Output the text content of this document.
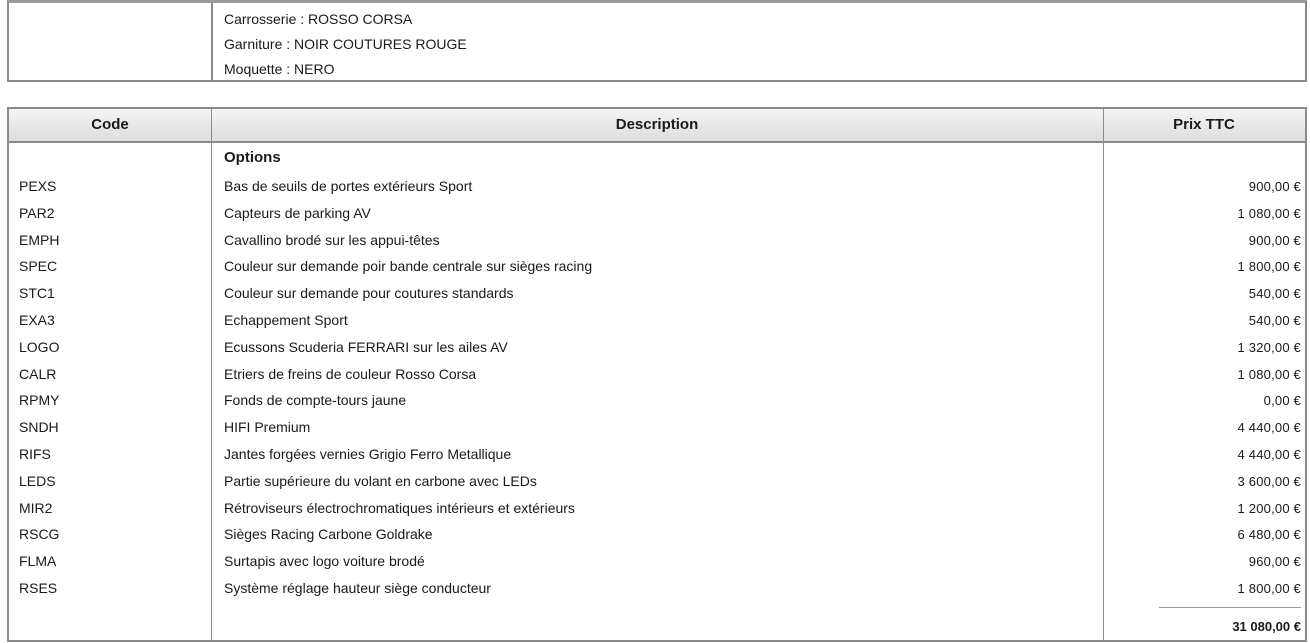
Carrosserie : ROSSO CORSA
Garniture : NOIR COUTURES ROUGE
Moquette : NERO
Code	Description	Prix TTC
Options
PEXS	Bas de seuils de portes extérieurs Sport	900,00 €
PAR2	Capteurs de parking AV	1 080,00 €
EMPH	Cavallino brodé sur les appui-têtes	900,00 €
SPEC	Couleur sur demande poir bande centrale sur sièges racing	1 800,00 €
STC1	Couleur sur demande pour coutures standards	540,00 €
EXA3	Echappement Sport	540,00 €
LOGO	Ecussons Scuderia FERRARI sur les ailes AV	1 320,00 €
CALR	Etriers de freins de couleur Rosso Corsa	1 080,00 €
RPMY	Fonds de compte-tours jaune	0,00 €
SNDH	HIFI Premium	4 440,00 €
RIFS	Jantes forgées vernies Grigio Ferro Metallique	4 440,00 €
LEDS	Partie supérieure du volant en carbone avec LEDs	3 600,00 €
MIR2	Rétroviseurs électrochromatiques intérieurs et extérieurs	1 200,00 €
RSCG	Sièges Racing Carbone Goldrake	6 480,00 €
FLMA	Surtapis avec logo voiture brodé	960,00 €
RSES	Système réglage hauteur siège conducteur	1 800,00 €
31 080,00 €
